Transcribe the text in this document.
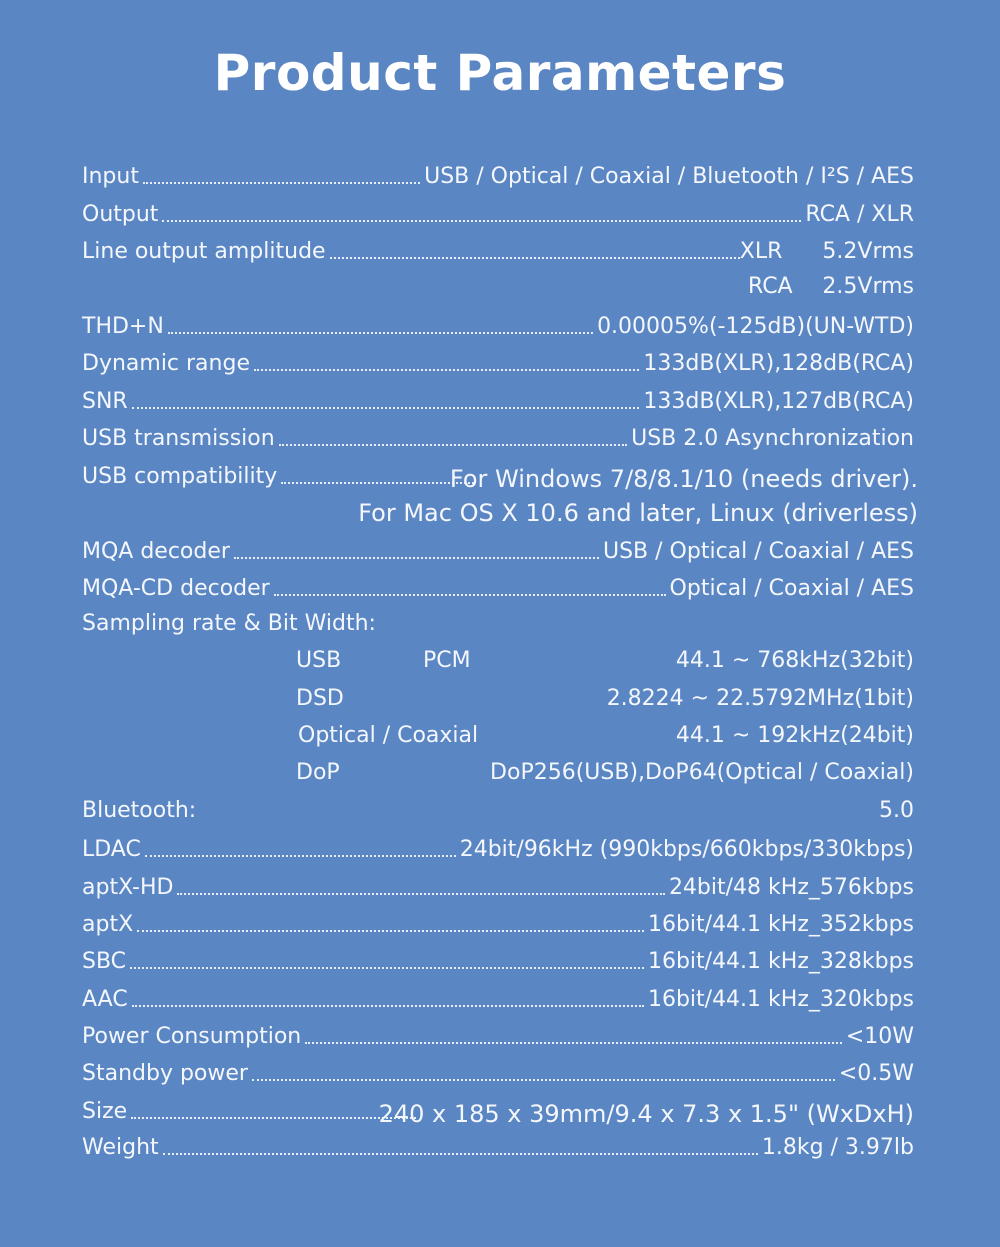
Product Parameters
Input	USB / Optical / Coaxial / Bluetooth / I²S / AES
Output	RCA / XLR
Line output amplitude	XLR 5.2Vrms
RCA 2.5Vrms
THD+N	0.00005%(-125dB)(UN-WTD)
Dynamic range	133dB(XLR),128dB(RCA)
SNR	133dB(XLR),127dB(RCA)
USB transmission	USB 2.0 Asynchronization
USB compatibility	For Windows 7/8/8.1/10 (needs driver).
For Mac OS X 10.6 and later, Linux (driverless)
MQA decoder	USB / Optical / Coaxial / AES
MQA-CD decoder	Optical / Coaxial / AES
Sampling rate & Bit Width:
USB	PCM	44.1 ~ 768kHz(32bit)
DSD	2.8224 ~ 22.5792MHz(1bit)
Optical / Coaxial	44.1 ~ 192kHz(24bit)
DoP	DoP256(USB),DoP64(Optical / Coaxial)
Bluetooth:	5.0
LDAC	24bit/96kHz (990kbps/660kbps/330kbps)
aptX-HD	24bit/48 kHz_576kbps
aptX	16bit/44.1 kHz_352kbps
SBC	16bit/44.1 kHz_328kbps
AAC	16bit/44.1 kHz_320kbps
Power Consumption	<10W
Standby power	<0.5W
Size	240 x 185 x 39mm/9.4 x 7.3 x 1.5" (WxDxH)
Weight	1.8kg / 3.97lb
